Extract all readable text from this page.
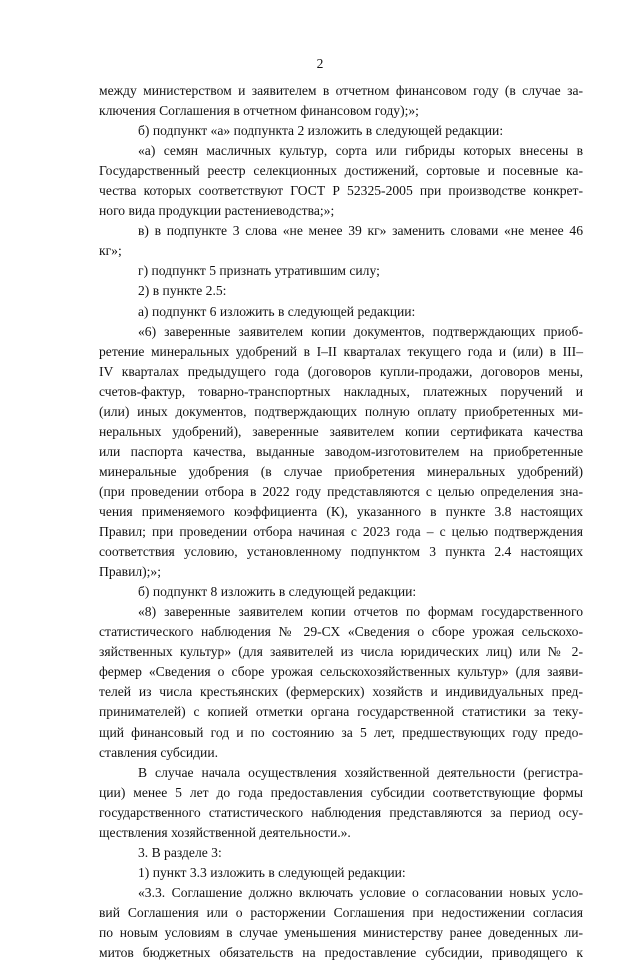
2
между министерством и заявителем в отчетном финансовом году (в случае за-
ключения Соглашения в отчетном финансовом году);»;
б) подпункт «а» подпункта 2 изложить в следующей редакции:
«а) семян масличных культур, сорта или гибриды которых внесены в
Государственный реестр селекционных достижений, сортовые и посевные ка-
чества которых соответствуют ГОСТ Р 52325-2005 при производстве конкрет-
ного вида продукции растениеводства;»;
в) в подпункте 3 слова «не менее 39 кг» заменить словами «не менее 46
кг»;
г) подпункт 5 признать утратившим силу;
2) в пункте 2.5:
а) подпункт 6 изложить в следующей редакции:
«6) заверенные заявителем копии документов, подтверждающих приоб-
ретение минеральных удобрений в I–II кварталах текущего года и (или) в III–
IV кварталах предыдущего года (договоров купли-продажи, договоров мены,
счетов-фактур, товарно-транспортных накладных, платежных поручений и
(или) иных документов, подтверждающих полную оплату приобретенных ми-
неральных удобрений), заверенные заявителем копии сертификата качества
или паспорта качества, выданные заводом-изготовителем на приобретенные
минеральные удобрения (в случае приобретения минеральных удобрений)
(при проведении отбора в 2022 году представляются с целью определения зна-
чения применяемого коэффициента (К), указанного в пункте 3.8 настоящих
Правил; при проведении отбора начиная с 2023 года – с целью подтверждения
соответствия условию, установленному подпунктом 3 пункта 2.4 настоящих
Правил);»;
б) подпункт 8 изложить в следующей редакции:
«8) заверенные заявителем копии отчетов по формам государственного
статистического наблюдения № 29-СХ «Сведения о сборе урожая сельскохо-
зяйственных культур» (для заявителей из числа юридических лиц) или № 2-
фермер «Сведения о сборе урожая сельскохозяйственных культур» (для заяви-
телей из числа крестьянских (фермерских) хозяйств и индивидуальных пред-
принимателей) с копией отметки органа государственной статистики за теку-
щий финансовый год и по состоянию за 5 лет, предшествующих году предо-
ставления субсидии.
В случае начала осуществления хозяйственной деятельности (регистра-
ции) менее 5 лет до года предоставления субсидии соответствующие формы
государственного статистического наблюдения представляются за период осу-
ществления хозяйственной деятельности.».
3. В разделе 3:
1) пункт 3.3 изложить в следующей редакции:
«3.3. Соглашение должно включать условие о согласовании новых усло-
вий Соглашения или о расторжении Соглашения при недостижении согласия
по новым условиям в случае уменьшения министерству ранее доведенных ли-
митов бюджетных обязательств на предоставление субсидии, приводящего к
